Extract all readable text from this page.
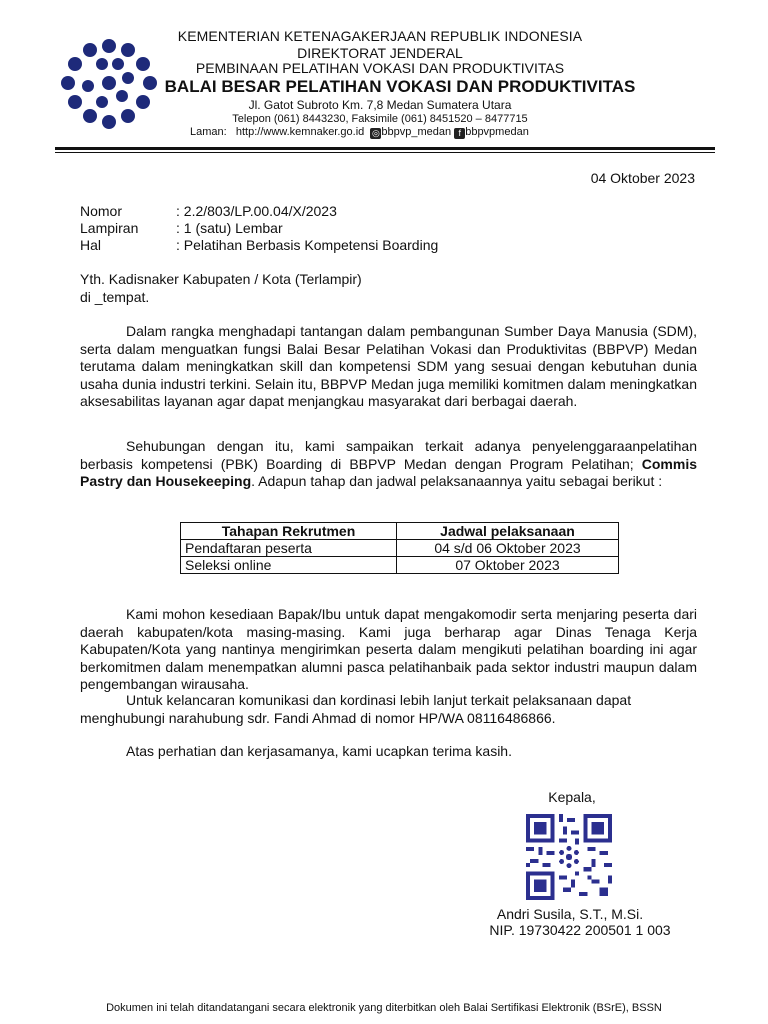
KEMENTERIAN KETENAGAKERJAAN REPUBLIK INDONESIA
DIREKTORAT JENDERAL
PEMBINAAN PELATIHAN VOKASI DAN PRODUKTIVITAS
BALAI BESAR PELATIHAN VOKASI DAN PRODUKTIVITAS
Jl. Gatot Subroto Km. 7,8 Medan Sumatera Utara
Telepon (061) 8443230, Faksimile (061) 8451520 – 8477715
Laman: http://www.kemnaker.go.id ◎ bbpvp_medan f bbpvpmedan
04 Oktober 2023
Nomor	: 2.2/803/LP.00.04/X/2023
Lampiran	: 1 (satu) Lembar
Hal	: Pelatihan Berbasis Kompetensi Boarding
Yth. Kadisnaker Kabupaten / Kota (Terlampir)
di _tempat.
Dalam rangka menghadapi tantangan dalam pembangunan Sumber Daya Manusia (SDM), serta dalam menguatkan fungsi Balai Besar Pelatihan Vokasi dan Produktivitas (BBPVP) Medan terutama dalam meningkatkan skill dan kompetensi SDM yang sesuai dengan kebutuhan dunia usaha dunia industri terkini. Selain itu, BBPVP Medan juga memiliki komitmen dalam meningkatkan aksesabilitas layanan agar dapat menjangkau masyarakat dari berbagai daerah.
Sehubungan dengan itu, kami sampaikan terkait adanya penyelenggaraanpelatihan berbasis kompetensi (PBK) Boarding di BBPVP Medan dengan Program Pelatihan; Commis Pastry dan Housekeeping. Adapun tahap dan jadwal pelaksanaannya yaitu sebagai berikut :
Tahapan Rekrutmen	Jadwal pelaksanaan
Pendaftaran peserta	04 s/d 06 Oktober 2023
Seleksi online	07 Oktober 2023
Kami mohon kesediaan Bapak/Ibu untuk dapat mengakomodir serta menjaring peserta dari daerah kabupaten/kota masing-masing. Kami juga berharap agar Dinas Tenaga Kerja Kabupaten/Kota yang nantinya mengirimkan peserta dalam mengikuti pelatihan boarding ini agar berkomitmen dalam menempatkan alumni pasca pelatihanbaik pada sektor industri maupun dalam pengembangan wirausaha.
Untuk kelancaran komunikasi dan kordinasi lebih lanjut terkait pelaksanaan dapat menghubungi narahubung sdr. Fandi Ahmad di nomor HP/WA 08116486866.
Atas perhatian dan kerjasamanya, kami ucapkan terima kasih.
Kepala,
Andri Susila, S.T., M.Si.
NIP. 19730422 200501 1 003
Dokumen ini telah ditandatangani secara elektronik yang diterbitkan oleh Balai Sertifikasi Elektronik (BSrE), BSSN
